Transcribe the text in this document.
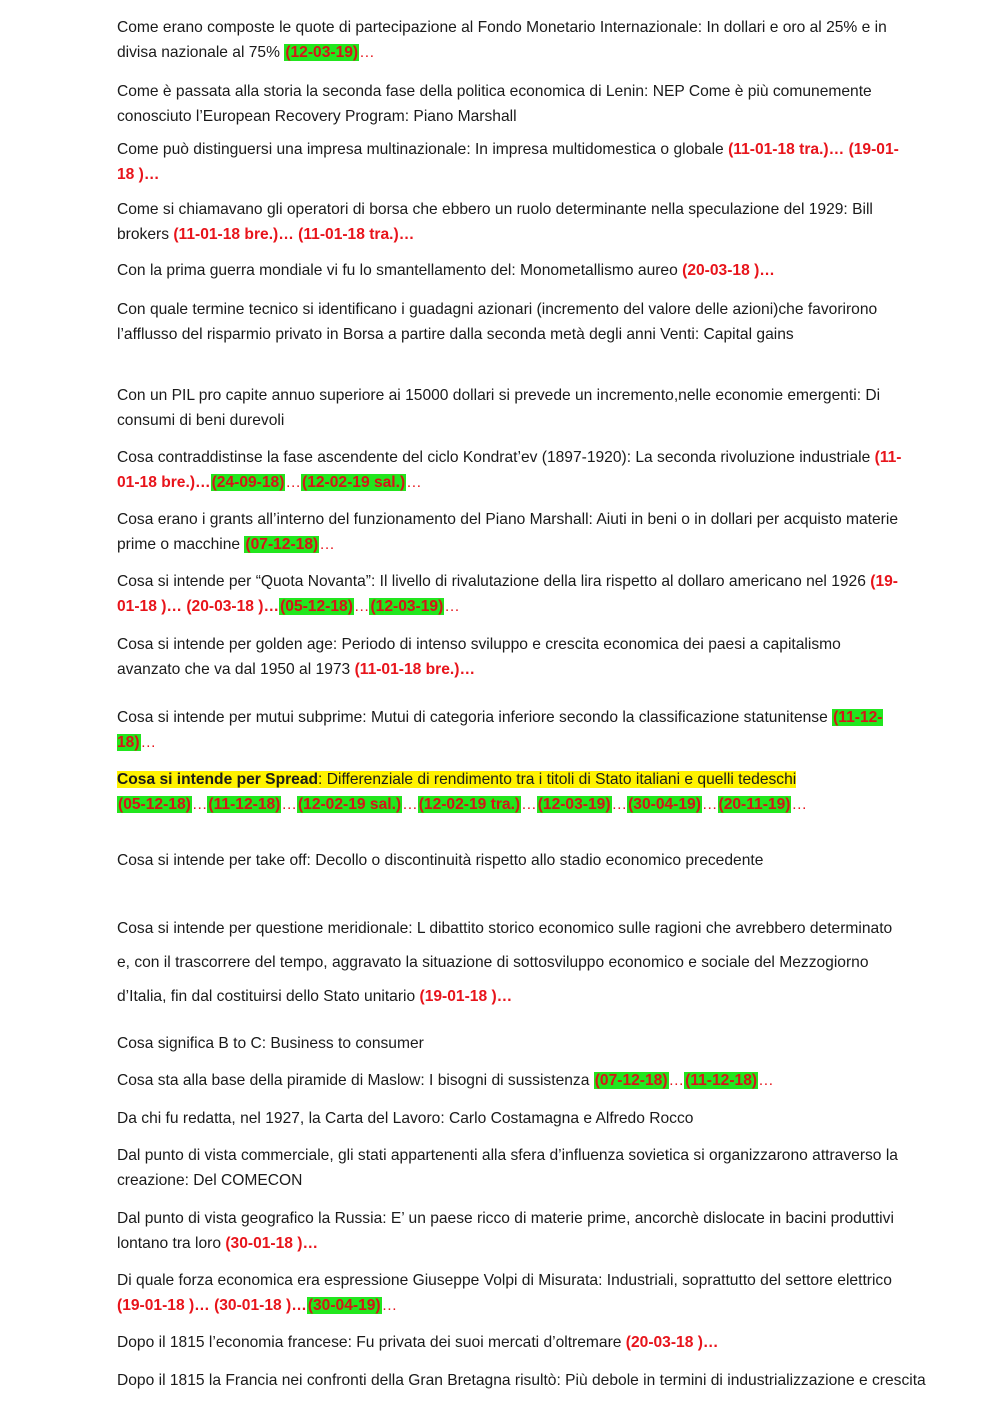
Come erano composte le quote di partecipazione al Fondo Monetario Internazionale: In dollari e oro al 25% e in divisa nazionale al 75% (12-03-19)…

Come è passata alla storia la seconda fase della politica economica di Lenin: NEP Come è più comunemente conosciuto l’European Recovery Program: Piano Marshall

Come può distinguersi una impresa multinazionale: In impresa multidomestica o globale (11-01-18 tra.)… (19-01-18 )…

Come si chiamavano gli operatori di borsa che ebbero un ruolo determinante nella speculazione del 1929: Bill brokers (11-01-18 bre.)… (11-01-18 tra.)…

Con la prima guerra mondiale vi fu lo smantellamento del: Monometallismo aureo (20-03-18 )…

Con quale termine tecnico si identificano i guadagni azionari (incremento del valore delle azioni)che favorirono l’afflusso del risparmio privato in Borsa a partire dalla seconda metà degli anni Venti: Capital gains

Con un PIL pro capite annuo superiore ai 15000 dollari si prevede un incremento,nelle economie emergenti: Di consumi di beni durevoli

Cosa contraddistinse la fase ascendente del ciclo Kondrat’ev (1897-1920): La seconda rivoluzione industriale (11-01-18 bre.)…(24-09-18)…(12-02-19 sal.)…

Cosa erano i grants all’interno del funzionamento del Piano Marshall: Aiuti in beni o in dollari per acquisto materie prime o macchine (07-12-18)…

Cosa si intende per “Quota Novanta”: Il livello di rivalutazione della lira rispetto al dollaro americano nel 1926 (19-01-18 )… (20-03-18 )…(05-12-18)…(12-03-19)…

Cosa si intende per golden age: Periodo di intenso sviluppo e crescita economica dei paesi a capitalismo avanzato che va dal 1950 al 1973 (11-01-18 bre.)…

Cosa si intende per mutui subprime: Mutui di categoria inferiore secondo la classificazione statunitense (11-12-18)…

Cosa si intende per Spread: Differenziale di rendimento tra i titoli di Stato italiani e quelli tedeschi
(05-12-18)…(11-12-18)…(12-02-19 sal.)…(12-02-19 tra.)…(12-03-19)…(30-04-19)…(20-11-19)…

Cosa si intende per take off: Decollo o discontinuità rispetto allo stadio economico precedente

Cosa si intende per questione meridionale: L dibattito storico economico sulle ragioni che avrebbero determinato e, con il trascorrere del tempo, aggravato la situazione di sottosviluppo economico e sociale del Mezzogiorno d’Italia, fin dal costituirsi dello Stato unitario (19-01-18 )…

Cosa significa B to C: Business to consumer

Cosa sta alla base della piramide di Maslow: I bisogni di sussistenza (07-12-18)…(11-12-18)…

Da chi fu redatta, nel 1927, la Carta del Lavoro: Carlo Costamagna e Alfredo Rocco

Dal punto di vista commerciale, gli stati appartenenti alla sfera d’influenza sovietica si organizzarono attraverso la creazione: Del COMECON

Dal punto di vista geografico la Russia: E’ un paese ricco di materie prime, ancorchè dislocate in bacini produttivi lontano tra loro (30-01-18 )…

Di quale forza economica era espressione Giuseppe Volpi di Misurata: Industriali, soprattutto del settore elettrico (19-01-18 )… (30-01-18 )…(30-04-19)…

Dopo il 1815 l’economia francese: Fu privata dei suoi mercati d’oltremare (20-03-18 )…

Dopo il 1815 la Francia nei confronti della Gran Bretagna risultò: Più debole in termini di industrializzazione e crescita
